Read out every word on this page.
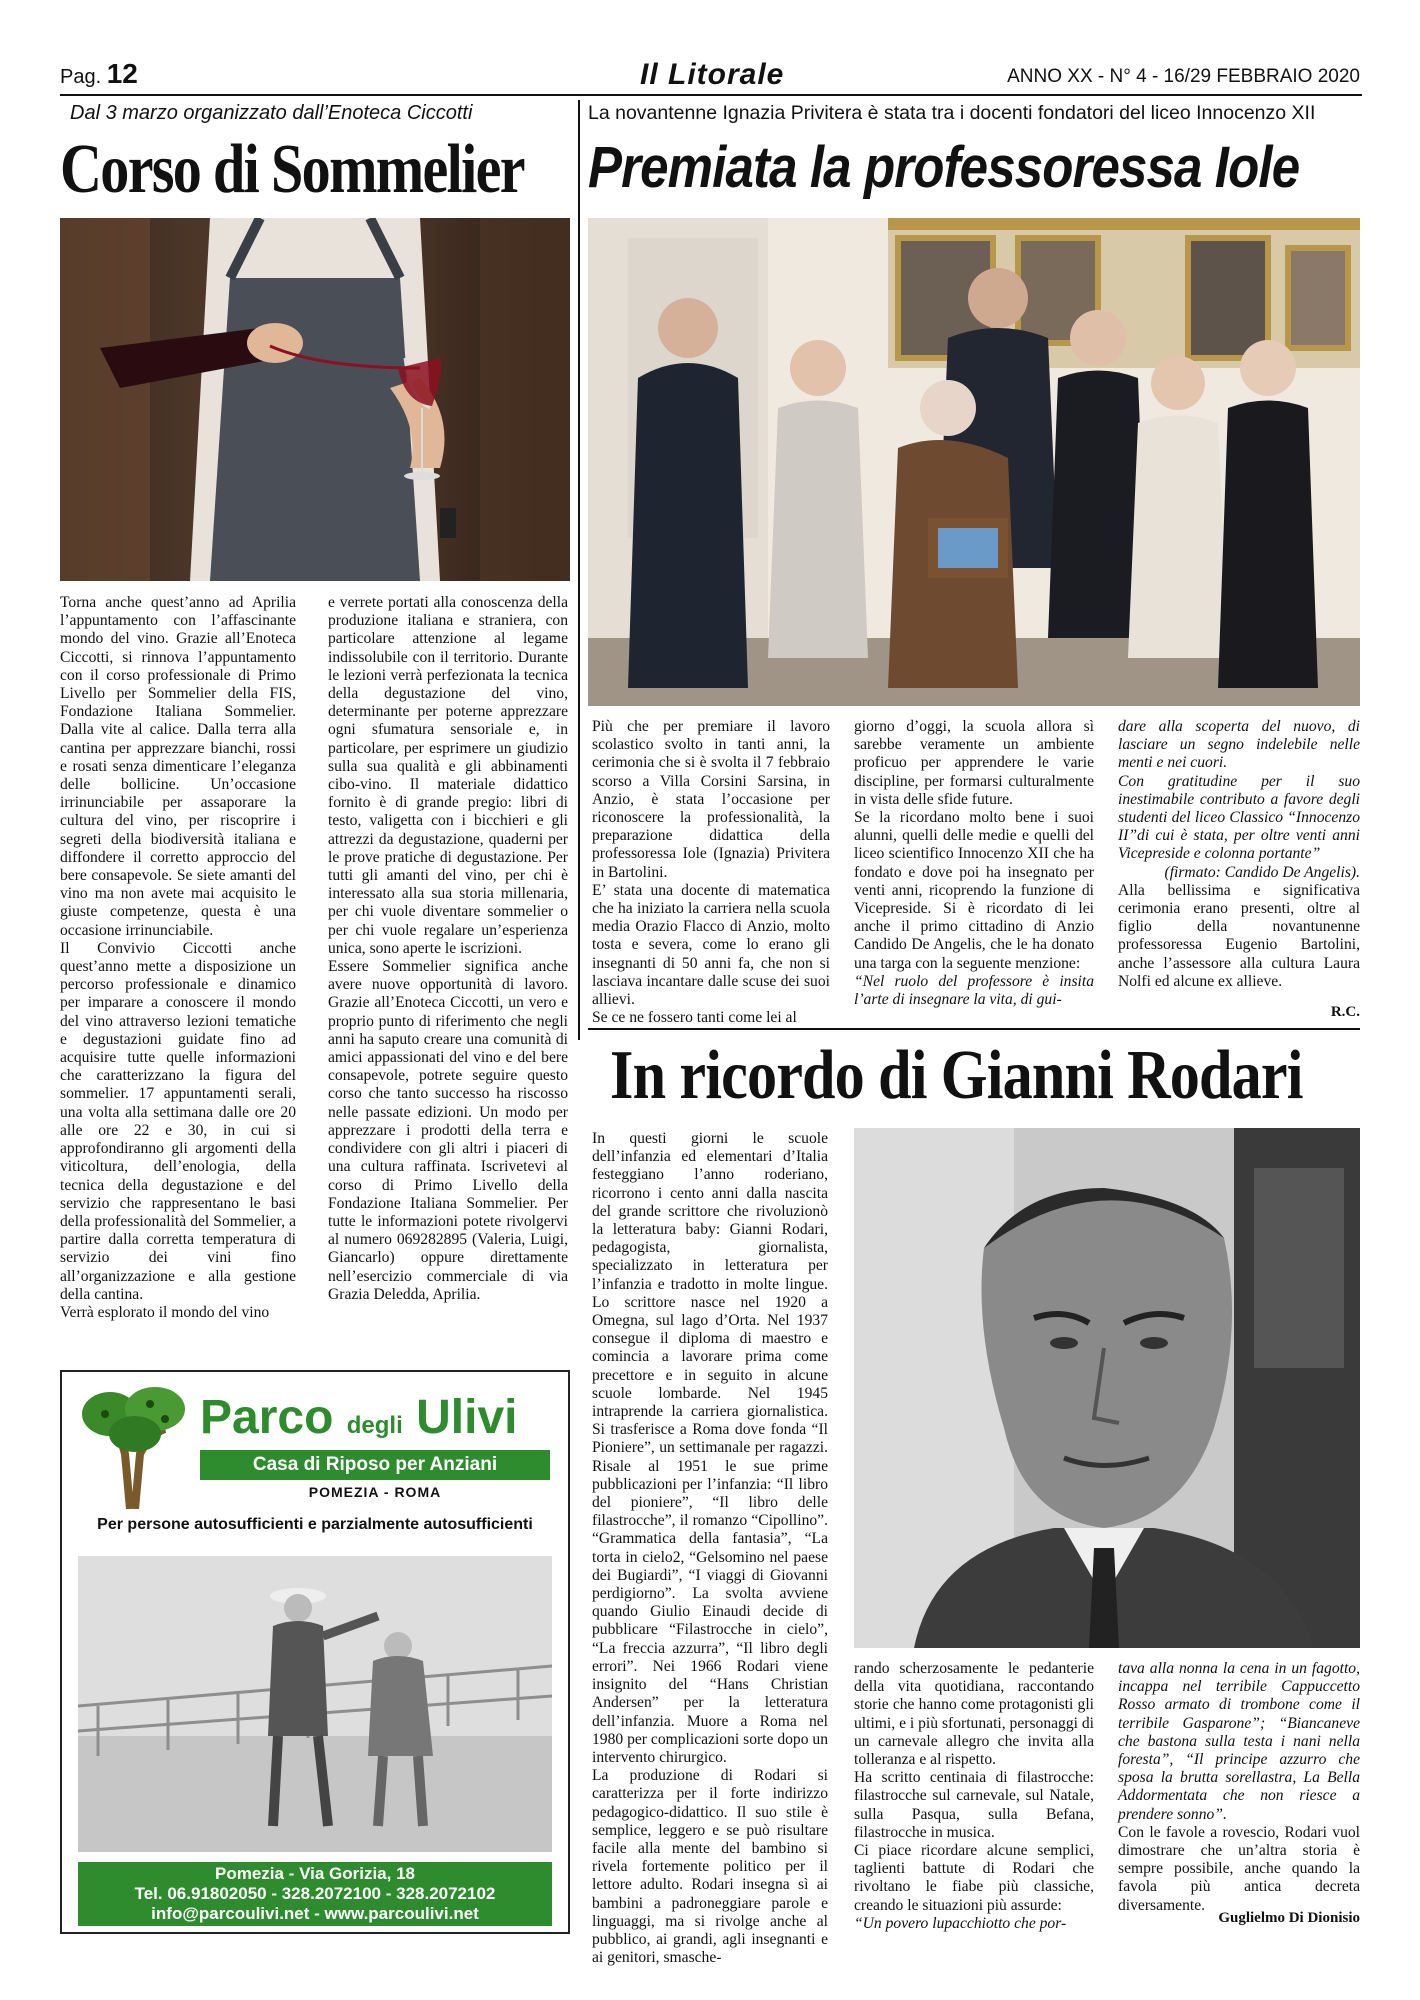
Pag. 12	Il Litorale	ANNO XX - N° 4 - 16/29 FEBBRAIO 2020
Dal 3 marzo organizzato dall’Enoteca Ciccotti
Corso di Sommelier

Torna anche quest’anno ad Aprilia l’appuntamento con l’affascinante mondo del vino. Grazie all’Enoteca Ciccotti, si rinnova l’appuntamento con il corso professionale di Primo Livello per Sommelier della FIS, Fondazione Italiana Sommelier. Dalla vite al calice. Dalla terra alla cantina per apprezzare bianchi, rossi e rosati senza dimenticare l’eleganza delle bollicine. Un’occasione irrinunciabile per assaporare la cultura del vino, per riscoprire i segreti della biodiversità italiana e diffondere il corretto approccio del bere consapevole. Se siete amanti del vino ma non avete mai acquisito le giuste competenze, questa è una occasione irrinunciabile.

Il Convivio Ciccotti anche quest’anno mette a disposizione un percorso professionale e dinamico per imparare a conoscere il mondo del vino attraverso lezioni tematiche e degustazioni guidate fino ad acquisire tutte quelle informazioni che caratterizzano la figura del sommelier. 17 appuntamenti serali, una volta alla settimana dalle ore 20 alle ore 22 e 30, in cui si approfondiranno gli argomenti della viticoltura, dell’enologia, della tecnica della degustazione e del servizio che rappresentano le basi della professionalità del Sommelier, a partire dalla corretta temperatura di servizio dei vini fino all’organizzazione e alla gestione della cantina.

Verrà esplorato il mondo del vino

e verrete portati alla conoscenza della produzione italiana e straniera, con particolare attenzione al legame indissolubile con il territorio. Durante le lezioni verrà perfezionata la tecnica della degustazione del vino, determinante per poterne apprezzare ogni sfumatura sensoriale e, in particolare, per esprimere un giudizio sulla sua qualità e gli abbinamenti cibo-vino. Il materiale didattico fornito è di grande pregio: libri di testo, valigetta con i bicchieri e gli attrezzi da degustazione, quaderni per le prove pratiche di degustazione. Per tutti gli amanti del vino, per chi è interessato alla sua storia millenaria, per chi vuole diventare sommelier o per chi vuole regalare un’esperienza unica, sono aperte le iscrizioni.

Essere Sommelier significa anche avere nuove opportunità di lavoro. Grazie all’Enoteca Ciccotti, un vero e proprio punto di riferimento che negli anni ha saputo creare una comunità di amici appassionati del vino e del bere consapevole, potrete seguire questo corso che tanto successo ha riscosso nelle passate edizioni. Un modo per apprezzare i prodotti della terra e condividere con gli altri i piaceri di una cultura raffinata. Iscrivetevi al corso di Primo Livello della Fondazione Italiana Sommelier. Per tutte le informazioni potete rivolgervi al numero 069282895 (Valeria, Luigi, Giancarlo) oppure direttamente nell’esercizio commerciale di via Grazia Deledda, Aprilia.

La novantenne Ignazia Privitera è stata tra i docenti fondatori del liceo Innocenzo XII
Premiata la professoressa Iole

Più che per premiare il lavoro scolastico svolto in tanti anni, la cerimonia che si è svolta il 7 febbraio scorso a Villa Corsini Sarsina, in Anzio, è stata l’occasione per riconoscere la professionalità, la preparazione didattica della professoressa Iole (Ignazia) Privitera in Bartolini.

E’ stata una docente di matematica che ha iniziato la carriera nella scuola media Orazio Flacco di Anzio, molto tosta e severa, come lo erano gli insegnanti di 50 anni fa, che non si lasciava incantare dalle scuse dei suoi allievi.

Se ce ne fossero tanti come lei al

giorno d’oggi, la scuola allora sì sarebbe veramente un ambiente proficuo per apprendere le varie discipline, per formarsi culturalmente in vista delle sfide future.

Se la ricordano molto bene i suoi alunni, quelli delle medie e quelli del liceo scientifico Innocenzo XII che ha fondato e dove poi ha insegnato per venti anni, ricoprendo la funzione di Vicepreside. Si è ricordato di lei anche il primo cittadino di Anzio Candido De Angelis, che le ha donato una targa con la seguente menzione:

“Nel ruolo del professore è insita l’arte di insegnare la vita, di gui-

dare alla scoperta del nuovo, di lasciare un segno indelebile nelle menti e nei cuori.

Con gratitudine per il suo inestimabile contributo a favore degli studenti del liceo Classico “Innocenzo II”di cui è stata, per oltre venti anni Vicepreside e colonna portante”

(firmato: Candido De Angelis).

Alla bellissima e significativa cerimonia erano presenti, oltre al figlio della novantunenne professoressa Eugenio Bartolini, anche l’assessore alla cultura Laura Nolfi ed alcune ex allieve.

R.C.
In ricordo di Gianni Rodari

In questi giorni le scuole dell’infanzia ed elementari d’Italia festeggiano l’anno roderiano, ricorrono i cento anni dalla nascita del grande scrittore che rivoluzionò la letteratura baby: Gianni Rodari, pedagogista, giornalista, specializzato in letteratura per l’infanzia e tradotto in molte lingue. Lo scrittore nasce nel 1920 a Omegna, sul lago d’Orta. Nel 1937 consegue il diploma di maestro e comincia a lavorare prima come precettore e in seguito in alcune scuole lombarde. Nel 1945 intraprende la carriera giornalistica. Si trasferisce a Roma dove fonda “Il Pioniere”, un settimanale per ragazzi. Risale al 1951 le sue prime pubblicazioni per l’infanzia: “Il libro del pioniere”, “Il libro delle filastrocche”, il romanzo “Cipollino”. “Grammatica della fantasia”, “La torta in cielo2, “Gelsomino nel paese dei Bugiardi”, “I viaggi di Giovanni perdigiorno”. La svolta avviene quando Giulio Einaudi decide di pubblicare “Filastrocche in cielo”, “La freccia azzurra”, “Il libro degli errori”. Nei 1966 Rodari viene insignito del “Hans Christian Andersen” per la letteratura dell’infanzia. Muore a Roma nel 1980 per complicazioni sorte dopo un intervento chirurgico.

La produzione di Rodari si caratterizza per il forte indirizzo pedagogico-didattico. Il suo stile è semplice, leggero e se può risultare facile alla mente del bambino si rivela fortemente politico per il lettore adulto. Rodari insegna sì ai bambini a padroneggiare parole e linguaggi, ma si rivolge anche al pubblico, ai grandi, agli insegnanti e ai genitori, smasche-

rando scherzosamente le pedanterie della vita quotidiana, raccontando storie che hanno come protagonisti gli ultimi, e i più sfortunati, personaggi di un carnevale allegro che invita alla tolleranza e al rispetto.

Ha scritto centinaia di filastrocche: filastrocche sul carnevale, sul Natale, sulla Pasqua, sulla Befana, filastrocche in musica.

Ci piace ricordare alcune semplici, taglienti battute di Rodari che rivoltano le fiabe più classiche, creando le situazioni più assurde:

“Un povero lupacchiotto che por-

tava alla nonna la cena in un fagotto, incappa nel terribile Cappuccetto Rosso armato di trombone come il terribile Gasparone”; “Biancaneve che bastona sulla testa i nani nella foresta”, “Il principe azzurro che sposa la brutta sorellastra, La Bella Addormentata che non riesce a prendere sonno”.

Con le favole a rovescio, Rodari vuol dimostrare che un’altra storia è sempre possibile, anche quando la favola più antica decreta diversamente.

Guglielmo Di Dionisio
Parco degli Ulivi
Casa di Riposo per Anziani
POMEZIA - ROMA
Per persone autosufficienti e parzialmente autosufficienti
Pomezia - Via Gorizia, 18
Tel. 06.91802050 - 328.2072100 - 328.2072102
info@parcoulivi.net - www.parcoulivi.net
